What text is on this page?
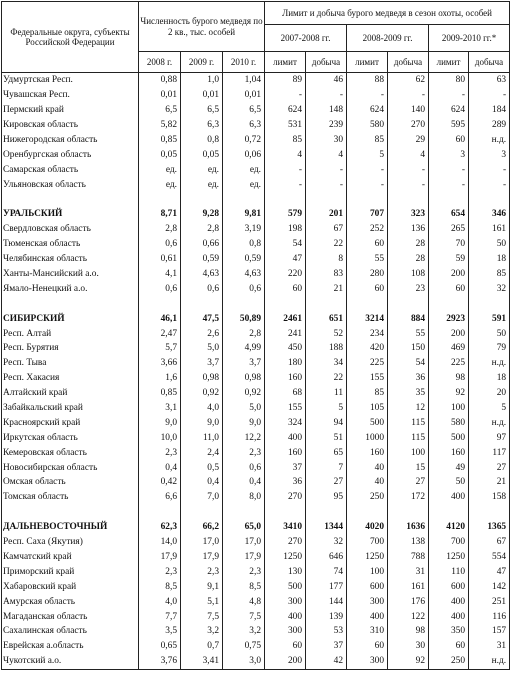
Федеральные округа, субъекты Российской Федерации	Численность бурого медведя по 2 кв., тыс. особей			Лимит и добыча бурого медведя в сезон охоты, особей					
				2007-2008 гг.		2008-2009 гг.		2009-2010 гг.*	
	2008 г.	2009 г.	2010 г.	лимит	добыча	лимит	добыча	лимит	добыча
Удмуртская Респ.	0,88	1,0	1,04	89	46	88	62	80	63
Чувашская Респ.	0,01	0,01	0,01	-	-	-	-	-	-
Пермский край	6,5	6,5	6,5	624	148	624	140	624	184
Кировская область	5,82	6,3	6,3	531	239	580	270	595	289
Нижегородская область	0,85	0,8	0,72	85	30	85	29	60	н.д.
Оренбургская область	0,05	0,05	0,06	4	4	5	4	3	3
Самарская область	ед.	ед.	ед.	-	-	-	-	-	-
Ульяновская область	ед.	ед.	ед.	-	-	-	-	-	-

УРАЛЬСКИЙ	8,71	9,28	9,81	579	201	707	323	654	346
Свердловская область	2,8	2,8	3,19	198	67	252	136	265	161
Тюменская область	0,6	0,66	0,8	54	22	60	28	70	50
Челябинская область	0,61	0,59	0,59	47	8	55	28	59	18
Ханты-Мансийский а.о.	4,1	4,63	4,63	220	83	280	108	200	85
Ямало-Ненецкий а.о.	0,6	0,6	0,6	60	21	60	23	60	32

СИБИРСКИЙ	46,1	47,5	50,89	2461	651	3214	884	2923	591
Респ. Алтай	2,47	2,6	2,8	241	52	234	55	200	50
Респ. Бурятия	5,7	5,0	4,99	450	188	420	150	469	79
Респ. Тыва	3,66	3,7	3,7	180	34	225	54	225	н.д.
Респ. Хакасия	1,6	0,98	0,98	160	22	155	36	98	18
Алтайский край	0,85	0,92	0,92	68	11	85	35	92	20
Забайкальский край	3,1	4,0	5,0	155	5	105	12	100	5
Красноярский край	9,0	9,0	9,0	324	94	500	115	580	н.д.
Иркутская область	10,0	11,0	12,2	400	51	1000	115	500	97
Кемеровская область	2,3	2,4	2,3	160	65	160	100	160	117
Новосибирская область	0,4	0,5	0,6	37	7	40	15	49	27
Омская область	0,42	0,4	0,4	36	27	40	27	50	21
Томская область	6,6	7,0	8,0	270	95	250	172	400	158

ДАЛЬНЕВОСТОЧНЫЙ	62,3	66,2	65,0	3410	1344	4020	1636	4120	1365
Респ. Саха (Якутия)	14,0	17,0	17,0	270	32	700	138	700	67
Камчатский край	17,9	17,9	17,9	1250	646	1250	788	1250	554
Приморский край	2,3	2,3	2,3	130	74	100	31	110	47
Хабаровский край	8,5	9,1	8,5	500	177	600	161	600	142
Амурская область	4,0	5,1	4,8	300	144	300	176	400	251
Магаданская область	7,7	7,5	7,5	400	139	400	122	400	116
Сахалинская область	3,5	3,2	3,2	300	53	310	98	350	157
Еврейская а.область	0,65	0,7	0,75	60	37	60	30	60	31
Чукотский а.о.	3,76	3,41	3,0	200	42	300	92	250	н.д.
